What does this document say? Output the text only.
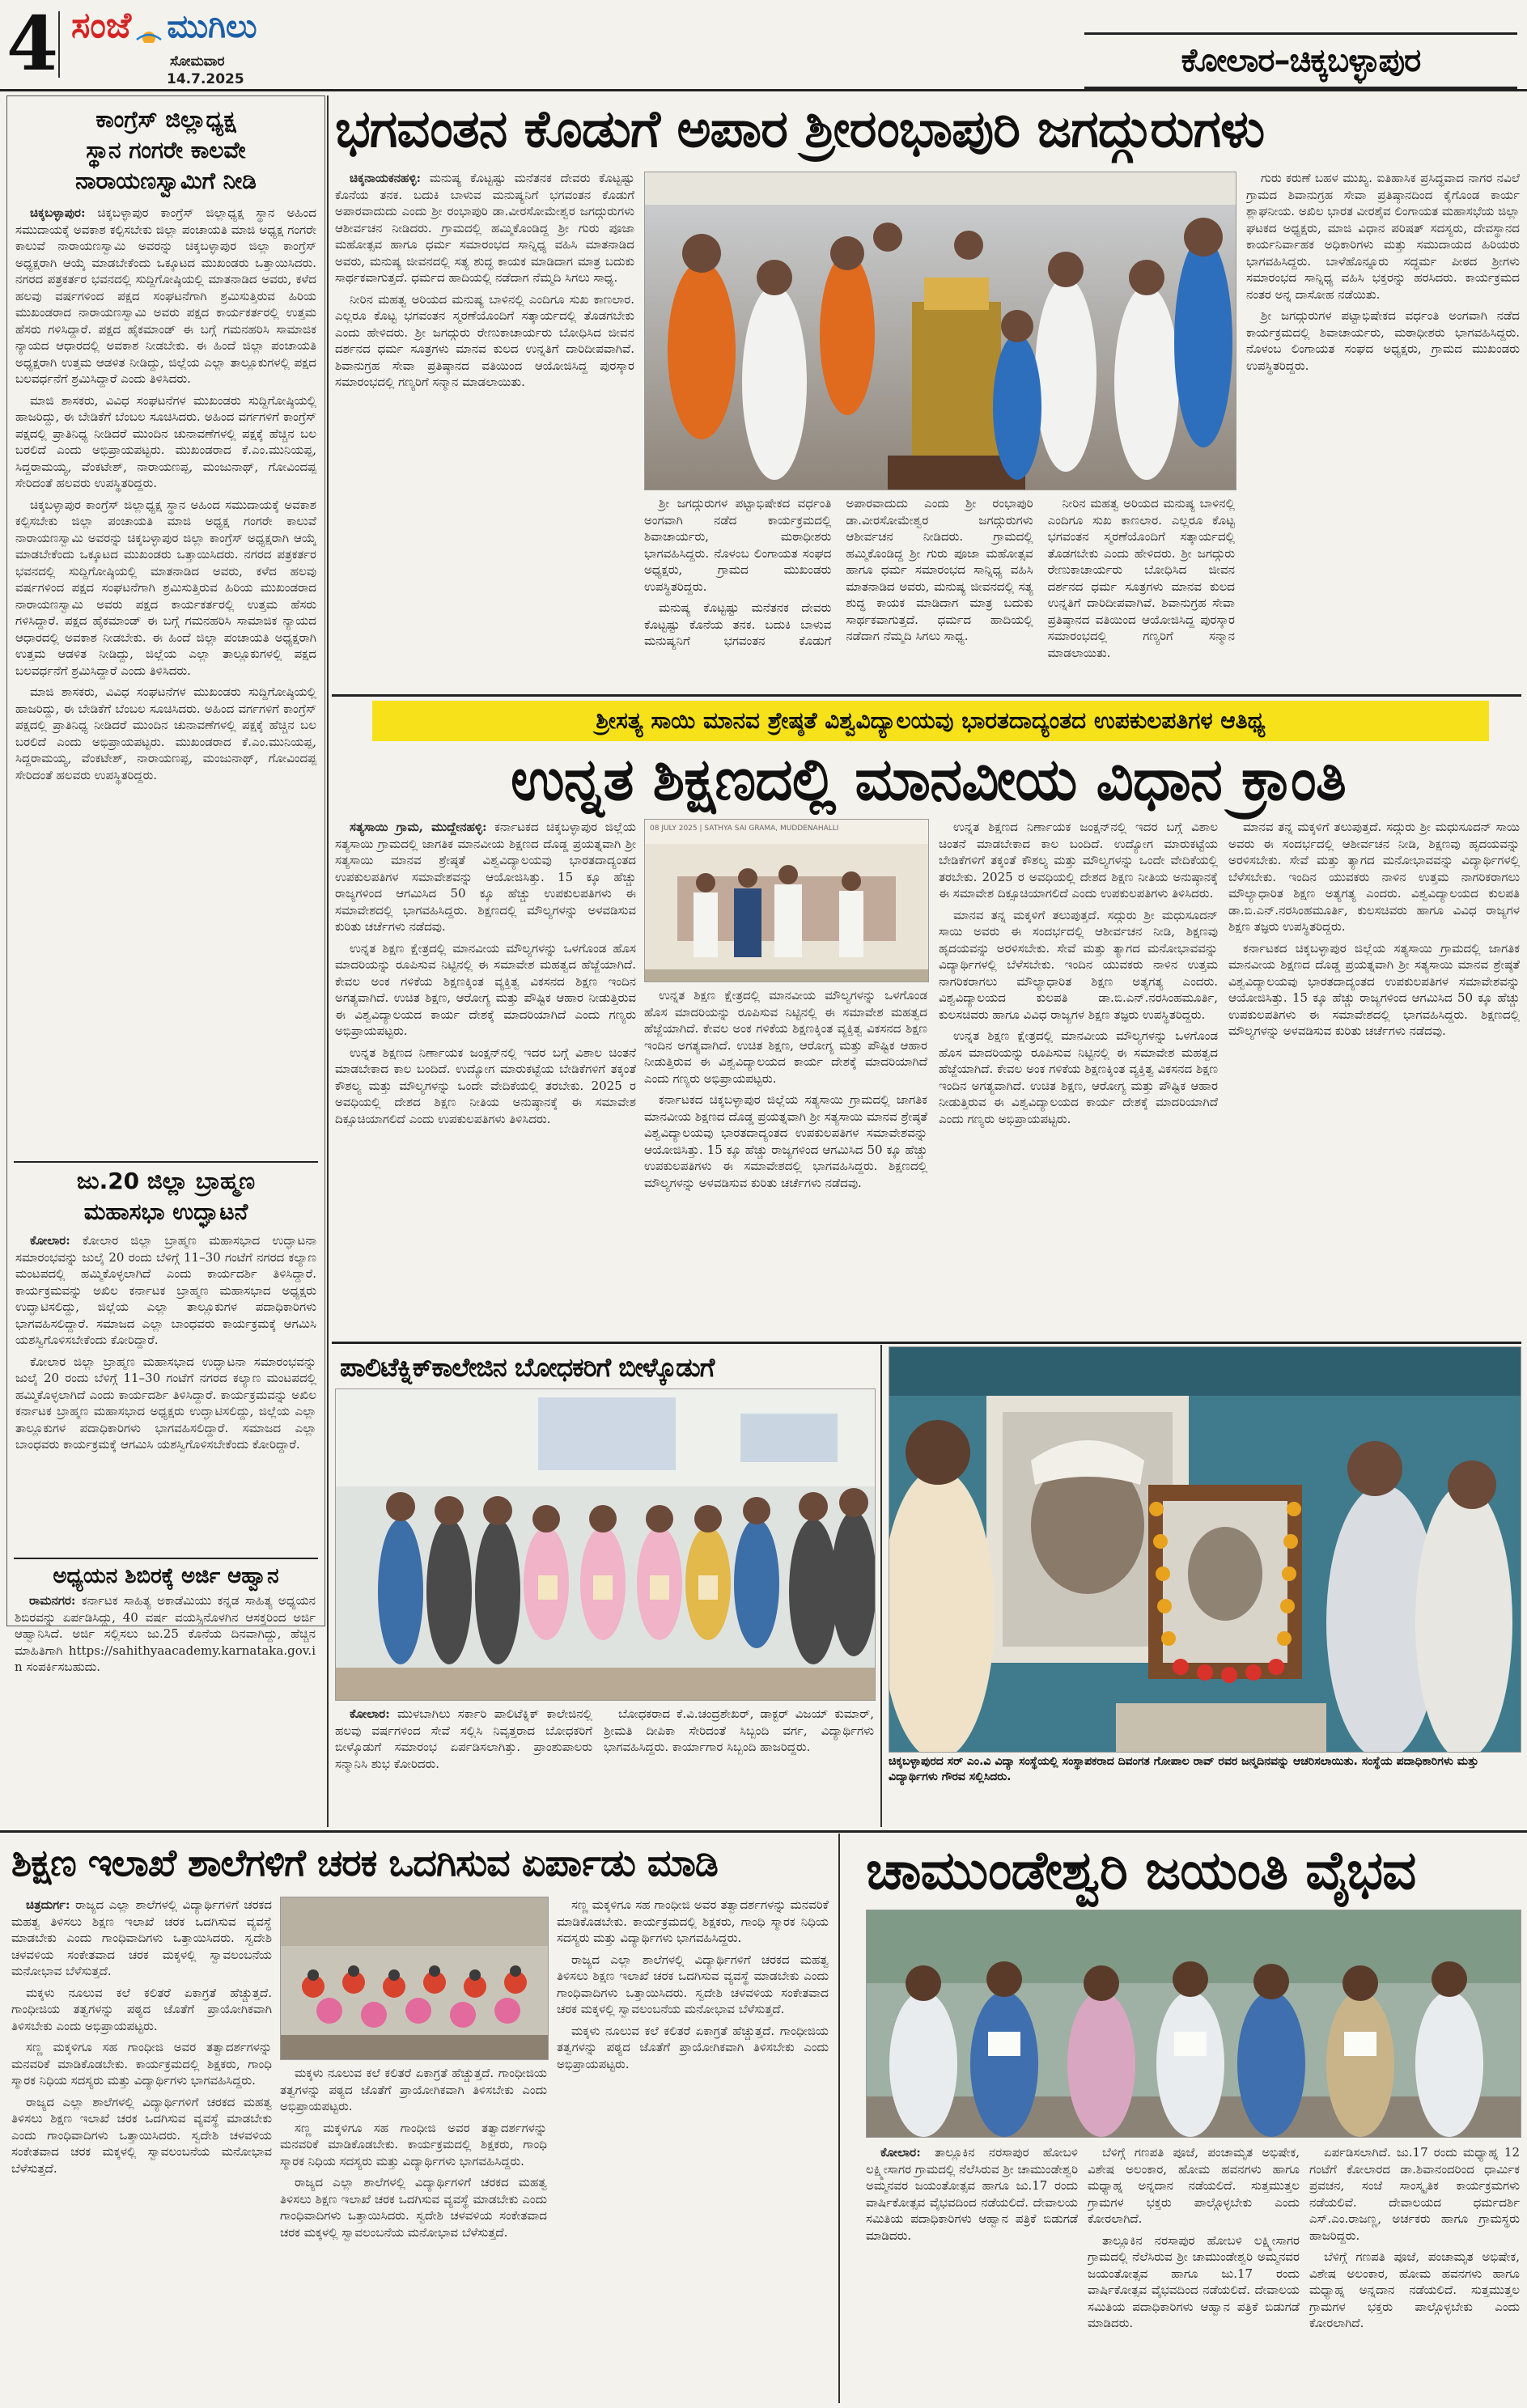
4 ಸಂಜೆ ಮುಗಿಲು
ಸೋಮವಾರ
14.7.2025	ಕೋಲಾರ–ಚಿಕ್ಕಬಳ್ಳಾಪುರ
ಕಾಂಗ್ರೆಸ್ ಜಿಲ್ಲಾಧ್ಯಕ್ಷ
ಸ್ಥಾನ ಗಂಗರೇ ಕಾಲವೇ
ನಾರಾಯಣಸ್ವಾಮಿಗೆ ನೀಡಿ

ಚಿಕ್ಕಬಳ್ಳಾಪುರ: ಚಿಕ್ಕಬಳ್ಳಾಪುರ ಕಾಂಗ್ರೆಸ್ ಜಿಲ್ಲಾಧ್ಯಕ್ಷ ಸ್ಥಾನ ಅಹಿಂದ ಸಮುದಾಯಕ್ಕೆ ಅವಕಾಶ ಕಲ್ಪಿಸಬೇಕು ಜಿಲ್ಲಾ ಪಂಚಾಯತಿ ಮಾಜಿ ಅಧ್ಯಕ್ಷ ಗಂಗರೇ ಕಾಲುವೆ ನಾರಾಯಣಸ್ವಾಮಿ ಅವರನ್ನು ಚಿಕ್ಕಬಳ್ಳಾಪುರ ಜಿಲ್ಲಾ ಕಾಂಗ್ರೆಸ್ ಅಧ್ಯಕ್ಷರಾಗಿ ಆಯ್ಕೆ ಮಾಡಬೇಕೆಂದು ಒಕ್ಕೂಟದ ಮುಖಂಡರು ಒತ್ತಾಯಿಸಿದರು. ನಗರದ ಪತ್ರಕರ್ತರ ಭವನದಲ್ಲಿ ಸುದ್ದಿಗೋಷ್ಠಿಯಲ್ಲಿ ಮಾತನಾಡಿದ ಅವರು, ಕಳೆದ ಹಲವು ವರ್ಷಗಳಿಂದ ಪಕ್ಷದ ಸಂಘಟನೆಗಾಗಿ ಶ್ರಮಿಸುತ್ತಿರುವ ಹಿರಿಯ ಮುಖಂಡರಾದ ನಾರಾಯಣಸ್ವಾಮಿ ಅವರು ಪಕ್ಷದ ಕಾರ್ಯಕರ್ತರಲ್ಲಿ ಉತ್ತಮ ಹೆಸರು ಗಳಿಸಿದ್ದಾರೆ. ಪಕ್ಷದ ಹೈಕಮಾಂಡ್ ಈ ಬಗ್ಗೆ ಗಮನಹರಿಸಿ ಸಾಮಾಜಿಕ ನ್ಯಾಯದ ಆಧಾರದಲ್ಲಿ ಅವಕಾಶ ನೀಡಬೇಕು. ಈ ಹಿಂದೆ ಜಿಲ್ಲಾ ಪಂಚಾಯತಿ ಅಧ್ಯಕ್ಷರಾಗಿ ಉತ್ತಮ ಆಡಳಿತ ನೀಡಿದ್ದು, ಜಿಲ್ಲೆಯ ಎಲ್ಲಾ ತಾಲ್ಲೂಕುಗಳಲ್ಲಿ ಪಕ್ಷದ ಬಲವರ್ಧನೆಗೆ ಶ್ರಮಿಸಿದ್ದಾರೆ ಎಂದು ತಿಳಿಸಿದರು.

ಮಾಜಿ ಶಾಸಕರು, ವಿವಿಧ ಸಂಘಟನೆಗಳ ಮುಖಂಡರು ಸುದ್ದಿಗೋಷ್ಠಿಯಲ್ಲಿ ಹಾಜರಿದ್ದು, ಈ ಬೇಡಿಕೆಗೆ ಬೆಂಬಲ ಸೂಚಿಸಿದರು. ಅಹಿಂದ ವರ್ಗಗಳಿಗೆ ಕಾಂಗ್ರೆಸ್ ಪಕ್ಷದಲ್ಲಿ ಪ್ರಾತಿನಿಧ್ಯ ನೀಡಿದರೆ ಮುಂದಿನ ಚುನಾವಣೆಗಳಲ್ಲಿ ಪಕ್ಷಕ್ಕೆ ಹೆಚ್ಚಿನ ಬಲ ಬರಲಿದೆ ಎಂದು ಅಭಿಪ್ರಾಯಪಟ್ಟರು. ಮುಖಂಡರಾದ ಕೆ.ಎಂ.ಮುನಿಯಪ್ಪ, ಸಿದ್ದರಾಮಯ್ಯ, ವೆಂಕಟೇಶ್, ನಾರಾಯಣಪ್ಪ, ಮಂಜುನಾಥ್, ಗೋವಿಂದಪ್ಪ ಸೇರಿದಂತೆ ಹಲವರು ಉಪಸ್ಥಿತರಿದ್ದರು.

ಚಿಕ್ಕಬಳ್ಳಾಪುರ ಕಾಂಗ್ರೆಸ್ ಜಿಲ್ಲಾಧ್ಯಕ್ಷ ಸ್ಥಾನ ಅಹಿಂದ ಸಮುದಾಯಕ್ಕೆ ಅವಕಾಶ ಕಲ್ಪಿಸಬೇಕು ಜಿಲ್ಲಾ ಪಂಚಾಯತಿ ಮಾಜಿ ಅಧ್ಯಕ್ಷ ಗಂಗರೇ ಕಾಲುವೆ ನಾರಾಯಣಸ್ವಾಮಿ ಅವರನ್ನು ಚಿಕ್ಕಬಳ್ಳಾಪುರ ಜಿಲ್ಲಾ ಕಾಂಗ್ರೆಸ್ ಅಧ್ಯಕ್ಷರಾಗಿ ಆಯ್ಕೆ ಮಾಡಬೇಕೆಂದು ಒಕ್ಕೂಟದ ಮುಖಂಡರು ಒತ್ತಾಯಿಸಿದರು. ನಗರದ ಪತ್ರಕರ್ತರ ಭವನದಲ್ಲಿ ಸುದ್ದಿಗೋಷ್ಠಿಯಲ್ಲಿ ಮಾತನಾಡಿದ ಅವರು, ಕಳೆದ ಹಲವು ವರ್ಷಗಳಿಂದ ಪಕ್ಷದ ಸಂಘಟನೆಗಾಗಿ ಶ್ರಮಿಸುತ್ತಿರುವ ಹಿರಿಯ ಮುಖಂಡರಾದ ನಾರಾಯಣಸ್ವಾಮಿ ಅವರು ಪಕ್ಷದ ಕಾರ್ಯಕರ್ತರಲ್ಲಿ ಉತ್ತಮ ಹೆಸರು ಗಳಿಸಿದ್ದಾರೆ. ಪಕ್ಷದ ಹೈಕಮಾಂಡ್ ಈ ಬಗ್ಗೆ ಗಮನಹರಿಸಿ ಸಾಮಾಜಿಕ ನ್ಯಾಯದ ಆಧಾರದಲ್ಲಿ ಅವಕಾಶ ನೀಡಬೇಕು. ಈ ಹಿಂದೆ ಜಿಲ್ಲಾ ಪಂಚಾಯತಿ ಅಧ್ಯಕ್ಷರಾಗಿ ಉತ್ತಮ ಆಡಳಿತ ನೀಡಿದ್ದು, ಜಿಲ್ಲೆಯ ಎಲ್ಲಾ ತಾಲ್ಲೂಕುಗಳಲ್ಲಿ ಪಕ್ಷದ ಬಲವರ್ಧನೆಗೆ ಶ್ರಮಿಸಿದ್ದಾರೆ ಎಂದು ತಿಳಿಸಿದರು.

ಮಾಜಿ ಶಾಸಕರು, ವಿವಿಧ ಸಂಘಟನೆಗಳ ಮುಖಂಡರು ಸುದ್ದಿಗೋಷ್ಠಿಯಲ್ಲಿ ಹಾಜರಿದ್ದು, ಈ ಬೇಡಿಕೆಗೆ ಬೆಂಬಲ ಸೂಚಿಸಿದರು. ಅಹಿಂದ ವರ್ಗಗಳಿಗೆ ಕಾಂಗ್ರೆಸ್ ಪಕ್ಷದಲ್ಲಿ ಪ್ರಾತಿನಿಧ್ಯ ನೀಡಿದರೆ ಮುಂದಿನ ಚುನಾವಣೆಗಳಲ್ಲಿ ಪಕ್ಷಕ್ಕೆ ಹೆಚ್ಚಿನ ಬಲ ಬರಲಿದೆ ಎಂದು ಅಭಿಪ್ರಾಯಪಟ್ಟರು. ಮುಖಂಡರಾದ ಕೆ.ಎಂ.ಮುನಿಯಪ್ಪ, ಸಿದ್ದರಾಮಯ್ಯ, ವೆಂಕಟೇಶ್, ನಾರಾಯಣಪ್ಪ, ಮಂಜುನಾಥ್, ಗೋವಿಂದಪ್ಪ ಸೇರಿದಂತೆ ಹಲವರು ಉಪಸ್ಥಿತರಿದ್ದರು.

ಜು.20 ಜಿಲ್ಲಾ ಬ್ರಾಹ್ಮಣ
ಮಹಾಸಭಾ ಉದ್ಘಾಟನೆ

ಕೋಲಾರ: ಕೋಲಾರ ಜಿಲ್ಲಾ ಬ್ರಾಹ್ಮಣ ಮಹಾಸಭಾದ ಉದ್ಘಾಟನಾ ಸಮಾರಂಭವನ್ನು ಜುಲೈ 20 ರಂದು ಬೆಳಿಗ್ಗೆ 11–30 ಗಂಟೆಗೆ ನಗರದ ಕಲ್ಯಾಣ ಮಂಟಪದಲ್ಲಿ ಹಮ್ಮಿಕೊಳ್ಳಲಾಗಿದೆ ಎಂದು ಕಾರ್ಯದರ್ಶಿ ತಿಳಿಸಿದ್ದಾರೆ. ಕಾರ್ಯಕ್ರಮವನ್ನು ಅಖಿಲ ಕರ್ನಾಟಕ ಬ್ರಾಹ್ಮಣ ಮಹಾಸಭಾದ ಅಧ್ಯಕ್ಷರು ಉದ್ಘಾಟಿಸಲಿದ್ದು, ಜಿಲ್ಲೆಯ ಎಲ್ಲಾ ತಾಲ್ಲೂಕುಗಳ ಪದಾಧಿಕಾರಿಗಳು ಭಾಗವಹಿಸಲಿದ್ದಾರೆ. ಸಮಾಜದ ಎಲ್ಲಾ ಬಾಂಧವರು ಕಾರ್ಯಕ್ರಮಕ್ಕೆ ಆಗಮಿಸಿ ಯಶಸ್ವಿಗೊಳಿಸಬೇಕೆಂದು ಕೋರಿದ್ದಾರೆ.

ಕೋಲಾರ ಜಿಲ್ಲಾ ಬ್ರಾಹ್ಮಣ ಮಹಾಸಭಾದ ಉದ್ಘಾಟನಾ ಸಮಾರಂಭವನ್ನು ಜುಲೈ 20 ರಂದು ಬೆಳಿಗ್ಗೆ 11–30 ಗಂಟೆಗೆ ನಗರದ ಕಲ್ಯಾಣ ಮಂಟಪದಲ್ಲಿ ಹಮ್ಮಿಕೊಳ್ಳಲಾಗಿದೆ ಎಂದು ಕಾರ್ಯದರ್ಶಿ ತಿಳಿಸಿದ್ದಾರೆ. ಕಾರ್ಯಕ್ರಮವನ್ನು ಅಖಿಲ ಕರ್ನಾಟಕ ಬ್ರಾಹ್ಮಣ ಮಹಾಸಭಾದ ಅಧ್ಯಕ್ಷರು ಉದ್ಘಾಟಿಸಲಿದ್ದು, ಜಿಲ್ಲೆಯ ಎಲ್ಲಾ ತಾಲ್ಲೂಕುಗಳ ಪದಾಧಿಕಾರಿಗಳು ಭಾಗವಹಿಸಲಿದ್ದಾರೆ. ಸಮಾಜದ ಎಲ್ಲಾ ಬಾಂಧವರು ಕಾರ್ಯಕ್ರಮಕ್ಕೆ ಆಗಮಿಸಿ ಯಶಸ್ವಿಗೊಳಿಸಬೇಕೆಂದು ಕೋರಿದ್ದಾರೆ.

ಅಧ್ಯಯನ ಶಿಬಿರಕ್ಕೆ ಅರ್ಜಿ ಆಹ್ವಾನ

ರಾಮನಗರ: ಕರ್ನಾಟಕ ಸಾಹಿತ್ಯ ಅಕಾಡೆಮಿಯು ಕನ್ನಡ ಸಾಹಿತ್ಯ ಅಧ್ಯಯನ ಶಿಬಿರವನ್ನು ಏರ್ಪಡಿಸಿದ್ದು, 40 ವರ್ಷ ವಯಸ್ಸಿನೊಳಗಿನ ಆಸಕ್ತರಿಂದ ಅರ್ಜಿ ಆಹ್ವಾನಿಸಿದೆ. ಅರ್ಜಿ ಸಲ್ಲಿಸಲು ಜು.25 ಕೊನೆಯ ದಿನವಾಗಿದ್ದು, ಹೆಚ್ಚಿನ ಮಾಹಿತಿಗಾಗಿ https://sahithyaacademy.karnataka.gov.in ಸಂಪರ್ಕಿಸಬಹುದು.

ಭಗವಂತನ ಕೊಡುಗೆ ಅಪಾರ ಶ್ರೀರಂಭಾಪುರಿ ಜಗದ್ಗುರುಗಳು

ಚಿಕ್ಕನಾಯಕನಹಳ್ಳಿ: ಮನುಷ್ಯ ಕೊಟ್ಟಷ್ಟು ಮನೆತನಕ ದೇವರು ಕೊಟ್ಟಷ್ಟು ಕೊನೆಯ ತನಕ. ಬದುಕಿ ಬಾಳುವ ಮನುಷ್ಯನಿಗೆ ಭಗವಂತನ ಕೊಡುಗೆ ಅಪಾರವಾದುದು ಎಂದು ಶ್ರೀ ರಂಭಾಪುರಿ ಡಾ.ವೀರಸೋಮೇಶ್ವರ ಜಗದ್ಗುರುಗಳು ಆಶೀರ್ವಚನ ನೀಡಿದರು. ಗ್ರಾಮದಲ್ಲಿ ಹಮ್ಮಿಕೊಂಡಿದ್ದ ಶ್ರೀ ಗುರು ಪೂಜಾ ಮಹೋತ್ಸವ ಹಾಗೂ ಧರ್ಮ ಸಮಾರಂಭದ ಸಾನ್ನಿಧ್ಯ ವಹಿಸಿ ಮಾತನಾಡಿದ ಅವರು, ಮನುಷ್ಯ ಜೀವನದಲ್ಲಿ ಸತ್ಯ ಶುದ್ಧ ಕಾಯಕ ಮಾಡಿದಾಗ ಮಾತ್ರ ಬದುಕು ಸಾರ್ಥಕವಾಗುತ್ತದೆ. ಧರ್ಮದ ಹಾದಿಯಲ್ಲಿ ನಡೆದಾಗ ನೆಮ್ಮದಿ ಸಿಗಲು ಸಾಧ್ಯ.

ನೀರಿನ ಮಹತ್ವ ಅರಿಯದ ಮನುಷ್ಯ ಬಾಳಿನಲ್ಲಿ ಎಂದಿಗೂ ಸುಖ ಕಾಣಲಾರ. ಎಲ್ಲರೂ ಕೊಟ್ಟ ಭಗವಂತನ ಸ್ಮರಣೆಯೊಂದಿಗೆ ಸತ್ಕಾರ್ಯದಲ್ಲಿ ತೊಡಗಬೇಕು ಎಂದು ಹೇಳಿದರು. ಶ್ರೀ ಜಗದ್ಗುರು ರೇಣುಕಾಚಾರ್ಯರು ಬೋಧಿಸಿದ ಜೀವನ ದರ್ಶನದ ಧರ್ಮ ಸೂತ್ರಗಳು ಮಾನವ ಕುಲದ ಉನ್ನತಿಗೆ ದಾರಿದೀಪವಾಗಿವೆ. ಶಿವಾನುಗ್ರಹ ಸೇವಾ ಪ್ರತಿಷ್ಠಾನದ ವತಿಯಿಂದ ಆಯೋಜಿಸಿದ್ದ ಪುರಸ್ಕಾರ ಸಮಾರಂಭದಲ್ಲಿ ಗಣ್ಯರಿಗೆ ಸನ್ಮಾನ ಮಾಡಲಾಯಿತು.

ಶ್ರೀ ಜಗದ್ಗುರುಗಳ ಪಟ್ಟಾಭಿಷೇಕದ ವರ್ಧಂತಿ ಅಂಗವಾಗಿ ನಡೆದ ಕಾರ್ಯಕ್ರಮದಲ್ಲಿ ಶಿವಾಚಾರ್ಯರು, ಮಠಾಧೀಶರು ಭಾಗವಹಿಸಿದ್ದರು. ನೊಳಂಬ ಲಿಂಗಾಯತ ಸಂಘದ ಅಧ್ಯಕ್ಷರು, ಗ್ರಾಮದ ಮುಖಂಡರು ಉಪಸ್ಥಿತರಿದ್ದರು.

ಮನುಷ್ಯ ಕೊಟ್ಟಷ್ಟು ಮನೆತನಕ ದೇವರು ಕೊಟ್ಟಷ್ಟು ಕೊನೆಯ ತನಕ. ಬದುಕಿ ಬಾಳುವ ಮನುಷ್ಯನಿಗೆ ಭಗವಂತನ ಕೊಡುಗೆ ಅಪಾರವಾದುದು ಎಂದು ಶ್ರೀ ರಂಭಾಪುರಿ ಡಾ.ವೀರಸೋಮೇಶ್ವರ ಜಗದ್ಗುರುಗಳು ಆಶೀರ್ವಚನ ನೀಡಿದರು. ಗ್ರಾಮದಲ್ಲಿ ಹಮ್ಮಿಕೊಂಡಿದ್ದ ಶ್ರೀ ಗುರು ಪೂಜಾ ಮಹೋತ್ಸವ ಹಾಗೂ ಧರ್ಮ ಸಮಾರಂಭದ ಸಾನ್ನಿಧ್ಯ ವಹಿಸಿ ಮಾತನಾಡಿದ ಅವರು, ಮನುಷ್ಯ ಜೀವನದಲ್ಲಿ ಸತ್ಯ ಶುದ್ಧ ಕಾಯಕ ಮಾಡಿದಾಗ ಮಾತ್ರ ಬದುಕು ಸಾರ್ಥಕವಾಗುತ್ತದೆ. ಧರ್ಮದ ಹಾದಿಯಲ್ಲಿ ನಡೆದಾಗ ನೆಮ್ಮದಿ ಸಿಗಲು ಸಾಧ್ಯ.

ನೀರಿನ ಮಹತ್ವ ಅರಿಯದ ಮನುಷ್ಯ ಬಾಳಿನಲ್ಲಿ ಎಂದಿಗೂ ಸುಖ ಕಾಣಲಾರ. ಎಲ್ಲರೂ ಕೊಟ್ಟ ಭಗವಂತನ ಸ್ಮರಣೆಯೊಂದಿಗೆ ಸತ್ಕಾರ್ಯದಲ್ಲಿ ತೊಡಗಬೇಕು ಎಂದು ಹೇಳಿದರು. ಶ್ರೀ ಜಗದ್ಗುರು ರೇಣುಕಾಚಾರ್ಯರು ಬೋಧಿಸಿದ ಜೀವನ ದರ್ಶನದ ಧರ್ಮ ಸೂತ್ರಗಳು ಮಾನವ ಕುಲದ ಉನ್ನತಿಗೆ ದಾರಿದೀಪವಾಗಿವೆ. ಶಿವಾನುಗ್ರಹ ಸೇವಾ ಪ್ರತಿಷ್ಠಾನದ ವತಿಯಿಂದ ಆಯೋಜಿಸಿದ್ದ ಪುರಸ್ಕಾರ ಸಮಾರಂಭದಲ್ಲಿ ಗಣ್ಯರಿಗೆ ಸನ್ಮಾನ ಮಾಡಲಾಯಿತು.

ಗುರು ಕರುಣೆ ಬಹಳ ಮುಖ್ಯ. ಐತಿಹಾಸಿಕ ಪ್ರಸಿದ್ಧವಾದ ನಾಗರ ನವಿಲೆ ಗ್ರಾಮದ ಶಿವಾನುಗ್ರಹ ಸೇವಾ ಪ್ರತಿಷ್ಠಾನದಿಂದ ಕೈಗೊಂಡ ಕಾರ್ಯ ಶ್ಲಾಘನೀಯ. ಅಖಿಲ ಭಾರತ ವೀರಶೈವ ಲಿಂಗಾಯತ ಮಹಾಸಭೆಯ ಜಿಲ್ಲಾ ಘಟಕದ ಅಧ್ಯಕ್ಷರು, ಮಾಜಿ ವಿಧಾನ ಪರಿಷತ್ ಸದಸ್ಯರು, ದೇವಸ್ಥಾನದ ಕಾರ್ಯನಿರ್ವಾಹಕ ಅಧಿಕಾರಿಗಳು ಮತ್ತು ಸಮುದಾಯದ ಹಿರಿಯರು ಭಾಗವಹಿಸಿದ್ದರು. ಬಾಳೆಹೊನ್ನೂರು ಸದ್ಧರ್ಮ ಪೀಠದ ಶ್ರೀಗಳು ಸಮಾರಂಭದ ಸಾನ್ನಿಧ್ಯ ವಹಿಸಿ ಭಕ್ತರನ್ನು ಹರಸಿದರು. ಕಾರ್ಯಕ್ರಮದ ನಂತರ ಅನ್ನ ದಾಸೋಹ ನಡೆಯಿತು.

ಶ್ರೀ ಜಗದ್ಗುರುಗಳ ಪಟ್ಟಾಭಿಷೇಕದ ವರ್ಧಂತಿ ಅಂಗವಾಗಿ ನಡೆದ ಕಾರ್ಯಕ್ರಮದಲ್ಲಿ ಶಿವಾಚಾರ್ಯರು, ಮಠಾಧೀಶರು ಭಾಗವಹಿಸಿದ್ದರು. ನೊಳಂಬ ಲಿಂಗಾಯತ ಸಂಘದ ಅಧ್ಯಕ್ಷರು, ಗ್ರಾಮದ ಮುಖಂಡರು ಉಪಸ್ಥಿತರಿದ್ದರು.

ಶ್ರೀಸತ್ಯ ಸಾಯಿ ಮಾನವ ಶ್ರೇಷ್ಠತೆ ವಿಶ್ವವಿದ್ಯಾಲಯವು ಭಾರತದಾದ್ಯಂತದ ಉಪಕುಲಪತಿಗಳ ಆತಿಥ್ಯ
ಉನ್ನತ ಶಿಕ್ಷಣದಲ್ಲಿ ಮಾನವೀಯ ವಿಧಾನ ಕ್ರಾಂತಿ

ಸತ್ಯಸಾಯಿ ಗ್ರಾಮ, ಮುದ್ದೇನಹಳ್ಳಿ: ಕರ್ನಾಟಕದ ಚಿಕ್ಕಬಳ್ಳಾಪುರ ಜಿಲ್ಲೆಯ ಸತ್ಯಸಾಯಿ ಗ್ರಾಮದಲ್ಲಿ ಜಾಗತಿಕ ಮಾನವೀಯ ಶಿಕ್ಷಣದ ದೊಡ್ಡ ಪ್ರಯತ್ನವಾಗಿ ಶ್ರೀ ಸತ್ಯಸಾಯಿ ಮಾನವ ಶ್ರೇಷ್ಠತೆ ವಿಶ್ವವಿದ್ಯಾಲಯವು ಭಾರತದಾದ್ಯಂತದ ಉಪಕುಲಪತಿಗಳ ಸಮಾವೇಶವನ್ನು ಆಯೋಜಿಸಿತ್ತು. 15 ಕ್ಕೂ ಹೆಚ್ಚು ರಾಜ್ಯಗಳಿಂದ ಆಗಮಿಸಿದ 50 ಕ್ಕೂ ಹೆಚ್ಚು ಉಪಕುಲಪತಿಗಳು ಈ ಸಮಾವೇಶದಲ್ಲಿ ಭಾಗವಹಿಸಿದ್ದರು. ಶಿಕ್ಷಣದಲ್ಲಿ ಮೌಲ್ಯಗಳನ್ನು ಅಳವಡಿಸುವ ಕುರಿತು ಚರ್ಚೆಗಳು ನಡೆದವು.

ಉನ್ನತ ಶಿಕ್ಷಣ ಕ್ಷೇತ್ರದಲ್ಲಿ ಮಾನವೀಯ ಮೌಲ್ಯಗಳನ್ನು ಒಳಗೊಂಡ ಹೊಸ ಮಾದರಿಯನ್ನು ರೂಪಿಸುವ ನಿಟ್ಟಿನಲ್ಲಿ ಈ ಸಮಾವೇಶ ಮಹತ್ವದ ಹೆಜ್ಜೆಯಾಗಿದೆ. ಕೇವಲ ಅಂಕ ಗಳಿಕೆಯ ಶಿಕ್ಷಣಕ್ಕಿಂತ ವ್ಯಕ್ತಿತ್ವ ವಿಕಸನದ ಶಿಕ್ಷಣ ಇಂದಿನ ಅಗತ್ಯವಾಗಿದೆ. ಉಚಿತ ಶಿಕ್ಷಣ, ಆರೋಗ್ಯ ಮತ್ತು ಪೌಷ್ಟಿಕ ಆಹಾರ ನೀಡುತ್ತಿರುವ ಈ ವಿಶ್ವವಿದ್ಯಾಲಯದ ಕಾರ್ಯ ದೇಶಕ್ಕೆ ಮಾದರಿಯಾಗಿದೆ ಎಂದು ಗಣ್ಯರು ಅಭಿಪ್ರಾಯಪಟ್ಟರು.

ಉನ್ನತ ಶಿಕ್ಷಣದ ನಿರ್ಣಾಯಕ ಜಂಕ್ಷನ್‌ನಲ್ಲಿ ಇದರ ಬಗ್ಗೆ ವಿಶಾಲ ಚಿಂತನೆ ಮಾಡಬೇಕಾದ ಕಾಲ ಬಂದಿದೆ. ಉದ್ಯೋಗ ಮಾರುಕಟ್ಟೆಯ ಬೇಡಿಕೆಗಳಿಗೆ ತಕ್ಕಂತೆ ಕೌಶಲ್ಯ ಮತ್ತು ಮೌಲ್ಯಗಳನ್ನು ಒಂದೇ ವೇದಿಕೆಯಲ್ಲಿ ತರಬೇಕು. 2025 ರ ಅವಧಿಯಲ್ಲಿ ದೇಶದ ಶಿಕ್ಷಣ ನೀತಿಯ ಅನುಷ್ಠಾನಕ್ಕೆ ಈ ಸಮಾವೇಶ ದಿಕ್ಸೂಚಿಯಾಗಲಿದೆ ಎಂದು ಉಪಕುಲಪತಿಗಳು ತಿಳಿಸಿದರು.

08 JULY 2025 | SATHYA SAI GRAMA, MUDDENAHALLI

ಉನ್ನತ ಶಿಕ್ಷಣ ಕ್ಷೇತ್ರದಲ್ಲಿ ಮಾನವೀಯ ಮೌಲ್ಯಗಳನ್ನು ಒಳಗೊಂಡ ಹೊಸ ಮಾದರಿಯನ್ನು ರೂಪಿಸುವ ನಿಟ್ಟಿನಲ್ಲಿ ಈ ಸಮಾವೇಶ ಮಹತ್ವದ ಹೆಜ್ಜೆಯಾಗಿದೆ. ಕೇವಲ ಅಂಕ ಗಳಿಕೆಯ ಶಿಕ್ಷಣಕ್ಕಿಂತ ವ್ಯಕ್ತಿತ್ವ ವಿಕಸನದ ಶಿಕ್ಷಣ ಇಂದಿನ ಅಗತ್ಯವಾಗಿದೆ. ಉಚಿತ ಶಿಕ್ಷಣ, ಆರೋಗ್ಯ ಮತ್ತು ಪೌಷ್ಟಿಕ ಆಹಾರ ನೀಡುತ್ತಿರುವ ಈ ವಿಶ್ವವಿದ್ಯಾಲಯದ ಕಾರ್ಯ ದೇಶಕ್ಕೆ ಮಾದರಿಯಾಗಿದೆ ಎಂದು ಗಣ್ಯರು ಅಭಿಪ್ರಾಯಪಟ್ಟರು.

ಕರ್ನಾಟಕದ ಚಿಕ್ಕಬಳ್ಳಾಪುರ ಜಿಲ್ಲೆಯ ಸತ್ಯಸಾಯಿ ಗ್ರಾಮದಲ್ಲಿ ಜಾಗತಿಕ ಮಾನವೀಯ ಶಿಕ್ಷಣದ ದೊಡ್ಡ ಪ್ರಯತ್ನವಾಗಿ ಶ್ರೀ ಸತ್ಯಸಾಯಿ ಮಾನವ ಶ್ರೇಷ್ಠತೆ ವಿಶ್ವವಿದ್ಯಾಲಯವು ಭಾರತದಾದ್ಯಂತದ ಉಪಕುಲಪತಿಗಳ ಸಮಾವೇಶವನ್ನು ಆಯೋಜಿಸಿತ್ತು. 15 ಕ್ಕೂ ಹೆಚ್ಚು ರಾಜ್ಯಗಳಿಂದ ಆಗಮಿಸಿದ 50 ಕ್ಕೂ ಹೆಚ್ಚು ಉಪಕುಲಪತಿಗಳು ಈ ಸಮಾವೇಶದಲ್ಲಿ ಭಾಗವಹಿಸಿದ್ದರು. ಶಿಕ್ಷಣದಲ್ಲಿ ಮೌಲ್ಯಗಳನ್ನು ಅಳವಡಿಸುವ ಕುರಿತು ಚರ್ಚೆಗಳು ನಡೆದವು.

ಉನ್ನತ ಶಿಕ್ಷಣದ ನಿರ್ಣಾಯಕ ಜಂಕ್ಷನ್‌ನಲ್ಲಿ ಇದರ ಬಗ್ಗೆ ವಿಶಾಲ ಚಿಂತನೆ ಮಾಡಬೇಕಾದ ಕಾಲ ಬಂದಿದೆ. ಉದ್ಯೋಗ ಮಾರುಕಟ್ಟೆಯ ಬೇಡಿಕೆಗಳಿಗೆ ತಕ್ಕಂತೆ ಕೌಶಲ್ಯ ಮತ್ತು ಮೌಲ್ಯಗಳನ್ನು ಒಂದೇ ವೇದಿಕೆಯಲ್ಲಿ ತರಬೇಕು. 2025 ರ ಅವಧಿಯಲ್ಲಿ ದೇಶದ ಶಿಕ್ಷಣ ನೀತಿಯ ಅನುಷ್ಠಾನಕ್ಕೆ ಈ ಸಮಾವೇಶ ದಿಕ್ಸೂಚಿಯಾಗಲಿದೆ ಎಂದು ಉಪಕುಲಪತಿಗಳು ತಿಳಿಸಿದರು.

ಮಾನವ ತನ್ನ ಮಕ್ಕಳಿಗೆ ತಲುಪುತ್ತದೆ. ಸದ್ಗುರು ಶ್ರೀ ಮಧುಸೂದನ್ ಸಾಯಿ ಅವರು ಈ ಸಂದರ್ಭದಲ್ಲಿ ಆಶೀರ್ವಚನ ನೀಡಿ, ಶಿಕ್ಷಣವು ಹೃದಯವನ್ನು ಅರಳಿಸಬೇಕು. ಸೇವೆ ಮತ್ತು ತ್ಯಾಗದ ಮನೋಭಾವವನ್ನು ವಿದ್ಯಾರ್ಥಿಗಳಲ್ಲಿ ಬೆಳೆಸಬೇಕು. ಇಂದಿನ ಯುವಕರು ನಾಳಿನ ಉತ್ತಮ ನಾಗರಿಕರಾಗಲು ಮೌಲ್ಯಾಧಾರಿತ ಶಿಕ್ಷಣ ಅತ್ಯಗತ್ಯ ಎಂದರು. ವಿಶ್ವವಿದ್ಯಾಲಯದ ಕುಲಪತಿ ಡಾ.ಬಿ.ಎನ್.ನರಸಿಂಹಮೂರ್ತಿ, ಕುಲಸಚಿವರು ಹಾಗೂ ವಿವಿಧ ರಾಜ್ಯಗಳ ಶಿಕ್ಷಣ ತಜ್ಞರು ಉಪಸ್ಥಿತರಿದ್ದರು.

ಉನ್ನತ ಶಿಕ್ಷಣ ಕ್ಷೇತ್ರದಲ್ಲಿ ಮಾನವೀಯ ಮೌಲ್ಯಗಳನ್ನು ಒಳಗೊಂಡ ಹೊಸ ಮಾದರಿಯನ್ನು ರೂಪಿಸುವ ನಿಟ್ಟಿನಲ್ಲಿ ಈ ಸಮಾವೇಶ ಮಹತ್ವದ ಹೆಜ್ಜೆಯಾಗಿದೆ. ಕೇವಲ ಅಂಕ ಗಳಿಕೆಯ ಶಿಕ್ಷಣಕ್ಕಿಂತ ವ್ಯಕ್ತಿತ್ವ ವಿಕಸನದ ಶಿಕ್ಷಣ ಇಂದಿನ ಅಗತ್ಯವಾಗಿದೆ. ಉಚಿತ ಶಿಕ್ಷಣ, ಆರೋಗ್ಯ ಮತ್ತು ಪೌಷ್ಟಿಕ ಆಹಾರ ನೀಡುತ್ತಿರುವ ಈ ವಿಶ್ವವಿದ್ಯಾಲಯದ ಕಾರ್ಯ ದೇಶಕ್ಕೆ ಮಾದರಿಯಾಗಿದೆ ಎಂದು ಗಣ್ಯರು ಅಭಿಪ್ರಾಯಪಟ್ಟರು.

ಮಾನವ ತನ್ನ ಮಕ್ಕಳಿಗೆ ತಲುಪುತ್ತದೆ. ಸದ್ಗುರು ಶ್ರೀ ಮಧುಸೂದನ್ ಸಾಯಿ ಅವರು ಈ ಸಂದರ್ಭದಲ್ಲಿ ಆಶೀರ್ವಚನ ನೀಡಿ, ಶಿಕ್ಷಣವು ಹೃದಯವನ್ನು ಅರಳಿಸಬೇಕು. ಸೇವೆ ಮತ್ತು ತ್ಯಾಗದ ಮನೋಭಾವವನ್ನು ವಿದ್ಯಾರ್ಥಿಗಳಲ್ಲಿ ಬೆಳೆಸಬೇಕು. ಇಂದಿನ ಯುವಕರು ನಾಳಿನ ಉತ್ತಮ ನಾಗರಿಕರಾಗಲು ಮೌಲ್ಯಾಧಾರಿತ ಶಿಕ್ಷಣ ಅತ್ಯಗತ್ಯ ಎಂದರು. ವಿಶ್ವವಿದ್ಯಾಲಯದ ಕುಲಪತಿ ಡಾ.ಬಿ.ಎನ್.ನರಸಿಂಹಮೂರ್ತಿ, ಕುಲಸಚಿವರು ಹಾಗೂ ವಿವಿಧ ರಾಜ್ಯಗಳ ಶಿಕ್ಷಣ ತಜ್ಞರು ಉಪಸ್ಥಿತರಿದ್ದರು.

ಕರ್ನಾಟಕದ ಚಿಕ್ಕಬಳ್ಳಾಪುರ ಜಿಲ್ಲೆಯ ಸತ್ಯಸಾಯಿ ಗ್ರಾಮದಲ್ಲಿ ಜಾಗತಿಕ ಮಾನವೀಯ ಶಿಕ್ಷಣದ ದೊಡ್ಡ ಪ್ರಯತ್ನವಾಗಿ ಶ್ರೀ ಸತ್ಯಸಾಯಿ ಮಾನವ ಶ್ರೇಷ್ಠತೆ ವಿಶ್ವವಿದ್ಯಾಲಯವು ಭಾರತದಾದ್ಯಂತದ ಉಪಕುಲಪತಿಗಳ ಸಮಾವೇಶವನ್ನು ಆಯೋಜಿಸಿತ್ತು. 15 ಕ್ಕೂ ಹೆಚ್ಚು ರಾಜ್ಯಗಳಿಂದ ಆಗಮಿಸಿದ 50 ಕ್ಕೂ ಹೆಚ್ಚು ಉಪಕುಲಪತಿಗಳು ಈ ಸಮಾವೇಶದಲ್ಲಿ ಭಾಗವಹಿಸಿದ್ದರು. ಶಿಕ್ಷಣದಲ್ಲಿ ಮೌಲ್ಯಗಳನ್ನು ಅಳವಡಿಸುವ ಕುರಿತು ಚರ್ಚೆಗಳು ನಡೆದವು.

ಪಾಲಿಟೆಕ್ನಿಕ್‌ಕಾಲೇಜಿನ ಬೋಧಕರಿಗೆ ಬೀಳ್ಕೊಡುಗೆ

ಕೋಲಾರ: ಮುಳಬಾಗಿಲು ಸರ್ಕಾರಿ ಪಾಲಿಟೆಕ್ನಿಕ್ ಕಾಲೇಜಿನಲ್ಲಿ ಹಲವು ವರ್ಷಗಳಿಂದ ಸೇವೆ ಸಲ್ಲಿಸಿ ನಿವೃತ್ತರಾದ ಬೋಧಕರಿಗೆ ಬೀಳ್ಕೊಡುಗೆ ಸಮಾರಂಭ ಏರ್ಪಡಿಸಲಾಗಿತ್ತು. ಪ್ರಾಂಶುಪಾಲರು ಸನ್ಮಾನಿಸಿ ಶುಭ ಕೋರಿದರು.

ಬೋಧಕರಾದ ಕೆ.ವಿ.ಚಂದ್ರಶೇಖರ್, ಡಾಕ್ಟರ್ ವಿಜಯ್ ಕುಮಾರ್, ಶ್ರೀಮತಿ ದೀಪಿಕಾ ಸೇರಿದಂತೆ ಸಿಬ್ಬಂದಿ ವರ್ಗ, ವಿದ್ಯಾರ್ಥಿಗಳು ಭಾಗವಹಿಸಿದ್ದರು. ಕಾರ್ಯಾಗಾರ ಸಿಬ್ಬಂದಿ ಹಾಜರಿದ್ದರು.

ಚಿಕ್ಕಬಳ್ಳಾಪುರದ ಸರ್ ಎಂ.ವಿ ವಿದ್ಯಾ ಸಂಸ್ಥೆಯಲ್ಲಿ ಸಂಸ್ಥಾಪಕರಾದ ದಿವಂಗತ ಗೋಪಾಲ ರಾವ್ ರವರ ಜನ್ಮದಿನವನ್ನು ಆಚರಿಸಲಾಯಿತು. ಸಂಸ್ಥೆಯ ಪದಾಧಿಕಾರಿಗಳು ಮತ್ತು ವಿದ್ಯಾರ್ಥಿಗಳು ಗೌರವ ಸಲ್ಲಿಸಿದರು.
ಶಿಕ್ಷಣ ಇಲಾಖೆ ಶಾಲೆಗಳಿಗೆ ಚರಕ ಒದಗಿಸುವ ಏರ್ಪಾಡು ಮಾಡಿ

ಚಿತ್ರದುರ್ಗ: ರಾಜ್ಯದ ಎಲ್ಲಾ ಶಾಲೆಗಳಲ್ಲಿ ವಿದ್ಯಾರ್ಥಿಗಳಿಗೆ ಚರಕದ ಮಹತ್ವ ತಿಳಿಸಲು ಶಿಕ್ಷಣ ಇಲಾಖೆ ಚರಕ ಒದಗಿಸುವ ವ್ಯವಸ್ಥೆ ಮಾಡಬೇಕು ಎಂದು ಗಾಂಧಿವಾದಿಗಳು ಒತ್ತಾಯಿಸಿದರು. ಸ್ವದೇಶಿ ಚಳವಳಿಯ ಸಂಕೇತವಾದ ಚರಕ ಮಕ್ಕಳಲ್ಲಿ ಸ್ವಾವಲಂಬನೆಯ ಮನೋಭಾವ ಬೆಳೆಸುತ್ತದೆ.

ಮಕ್ಕಳು ನೂಲುವ ಕಲೆ ಕಲಿತರೆ ಏಕಾಗ್ರತೆ ಹೆಚ್ಚುತ್ತದೆ. ಗಾಂಧೀಜಿಯ ತತ್ವಗಳನ್ನು ಪಠ್ಯದ ಜೊತೆಗೆ ಪ್ರಾಯೋಗಿಕವಾಗಿ ತಿಳಿಸಬೇಕು ಎಂದು ಅಭಿಪ್ರಾಯಪಟ್ಟರು.

ಸಣ್ಣ ಮಕ್ಕಳಿಗೂ ಸಹ ಗಾಂಧೀಜಿ ಅವರ ತತ್ವಾದರ್ಶಗಳನ್ನು ಮನವರಿಕೆ ಮಾಡಿಕೊಡಬೇಕು. ಕಾರ್ಯಕ್ರಮದಲ್ಲಿ ಶಿಕ್ಷಕರು, ಗಾಂಧಿ ಸ್ಮಾರಕ ನಿಧಿಯ ಸದಸ್ಯರು ಮತ್ತು ವಿದ್ಯಾರ್ಥಿಗಳು ಭಾಗವಹಿಸಿದ್ದರು.

ರಾಜ್ಯದ ಎಲ್ಲಾ ಶಾಲೆಗಳಲ್ಲಿ ವಿದ್ಯಾರ್ಥಿಗಳಿಗೆ ಚರಕದ ಮಹತ್ವ ತಿಳಿಸಲು ಶಿಕ್ಷಣ ಇಲಾಖೆ ಚರಕ ಒದಗಿಸುವ ವ್ಯವಸ್ಥೆ ಮಾಡಬೇಕು ಎಂದು ಗಾಂಧಿವಾದಿಗಳು ಒತ್ತಾಯಿಸಿದರು. ಸ್ವದೇಶಿ ಚಳವಳಿಯ ಸಂಕೇತವಾದ ಚರಕ ಮಕ್ಕಳಲ್ಲಿ ಸ್ವಾವಲಂಬನೆಯ ಮನೋಭಾವ ಬೆಳೆಸುತ್ತದೆ.

ಮಕ್ಕಳು ನೂಲುವ ಕಲೆ ಕಲಿತರೆ ಏಕಾಗ್ರತೆ ಹೆಚ್ಚುತ್ತದೆ. ಗಾಂಧೀಜಿಯ ತತ್ವಗಳನ್ನು ಪಠ್ಯದ ಜೊತೆಗೆ ಪ್ರಾಯೋಗಿಕವಾಗಿ ತಿಳಿಸಬೇಕು ಎಂದು ಅಭಿಪ್ರಾಯಪಟ್ಟರು.

ಸಣ್ಣ ಮಕ್ಕಳಿಗೂ ಸಹ ಗಾಂಧೀಜಿ ಅವರ ತತ್ವಾದರ್ಶಗಳನ್ನು ಮನವರಿಕೆ ಮಾಡಿಕೊಡಬೇಕು. ಕಾರ್ಯಕ್ರಮದಲ್ಲಿ ಶಿಕ್ಷಕರು, ಗಾಂಧಿ ಸ್ಮಾರಕ ನಿಧಿಯ ಸದಸ್ಯರು ಮತ್ತು ವಿದ್ಯಾರ್ಥಿಗಳು ಭಾಗವಹಿಸಿದ್ದರು.

ರಾಜ್ಯದ ಎಲ್ಲಾ ಶಾಲೆಗಳಲ್ಲಿ ವಿದ್ಯಾರ್ಥಿಗಳಿಗೆ ಚರಕದ ಮಹತ್ವ ತಿಳಿಸಲು ಶಿಕ್ಷಣ ಇಲಾಖೆ ಚರಕ ಒದಗಿಸುವ ವ್ಯವಸ್ಥೆ ಮಾಡಬೇಕು ಎಂದು ಗಾಂಧಿವಾದಿಗಳು ಒತ್ತಾಯಿಸಿದರು. ಸ್ವದೇಶಿ ಚಳವಳಿಯ ಸಂಕೇತವಾದ ಚರಕ ಮಕ್ಕಳಲ್ಲಿ ಸ್ವಾವಲಂಬನೆಯ ಮನೋಭಾವ ಬೆಳೆಸುತ್ತದೆ.

ಸಣ್ಣ ಮಕ್ಕಳಿಗೂ ಸಹ ಗಾಂಧೀಜಿ ಅವರ ತತ್ವಾದರ್ಶಗಳನ್ನು ಮನವರಿಕೆ ಮಾಡಿಕೊಡಬೇಕು. ಕಾರ್ಯಕ್ರಮದಲ್ಲಿ ಶಿಕ್ಷಕರು, ಗಾಂಧಿ ಸ್ಮಾರಕ ನಿಧಿಯ ಸದಸ್ಯರು ಮತ್ತು ವಿದ್ಯಾರ್ಥಿಗಳು ಭಾಗವಹಿಸಿದ್ದರು.

ರಾಜ್ಯದ ಎಲ್ಲಾ ಶಾಲೆಗಳಲ್ಲಿ ವಿದ್ಯಾರ್ಥಿಗಳಿಗೆ ಚರಕದ ಮಹತ್ವ ತಿಳಿಸಲು ಶಿಕ್ಷಣ ಇಲಾಖೆ ಚರಕ ಒದಗಿಸುವ ವ್ಯವಸ್ಥೆ ಮಾಡಬೇಕು ಎಂದು ಗಾಂಧಿವಾದಿಗಳು ಒತ್ತಾಯಿಸಿದರು. ಸ್ವದೇಶಿ ಚಳವಳಿಯ ಸಂಕೇತವಾದ ಚರಕ ಮಕ್ಕಳಲ್ಲಿ ಸ್ವಾವಲಂಬನೆಯ ಮನೋಭಾವ ಬೆಳೆಸುತ್ತದೆ.

ಮಕ್ಕಳು ನೂಲುವ ಕಲೆ ಕಲಿತರೆ ಏಕಾಗ್ರತೆ ಹೆಚ್ಚುತ್ತದೆ. ಗಾಂಧೀಜಿಯ ತತ್ವಗಳನ್ನು ಪಠ್ಯದ ಜೊತೆಗೆ ಪ್ರಾಯೋಗಿಕವಾಗಿ ತಿಳಿಸಬೇಕು ಎಂದು ಅಭಿಪ್ರಾಯಪಟ್ಟರು.

ಚಾಮುಂಡೇಶ್ವರಿ ಜಯಂತಿ ವೈಭವ

ಕೋಲಾರ: ತಾಲ್ಲೂಕಿನ ನರಸಾಪುರ ಹೋಬಳಿ ಲಕ್ಷ್ಮೀಸಾಗರ ಗ್ರಾಮದಲ್ಲಿ ನೆಲೆಸಿರುವ ಶ್ರೀ ಚಾಮುಂಡೇಶ್ವರಿ ಅಮ್ಮನವರ ಜಯಂತೋತ್ಸವ ಹಾಗೂ ಜು.17 ರಂದು ವಾರ್ಷಿಕೋತ್ಸವ ವೈಭವದಿಂದ ನಡೆಯಲಿದೆ. ದೇವಾಲಯ ಸಮಿತಿಯ ಪದಾಧಿಕಾರಿಗಳು ಆಹ್ವಾನ ಪತ್ರಿಕೆ ಬಿಡುಗಡೆ ಮಾಡಿದರು.

ಬೆಳಿಗ್ಗೆ ಗಣಪತಿ ಪೂಜೆ, ಪಂಚಾಮೃತ ಅಭಿಷೇಕ, ವಿಶೇಷ ಅಲಂಕಾರ, ಹೋಮ ಹವನಗಳು ಹಾಗೂ ಮಧ್ಯಾಹ್ನ ಅನ್ನದಾನ ನಡೆಯಲಿದೆ. ಸುತ್ತಮುತ್ತಲ ಗ್ರಾಮಗಳ ಭಕ್ತರು ಪಾಲ್ಗೊಳ್ಳಬೇಕು ಎಂದು ಕೋರಲಾಗಿದೆ.

ತಾಲ್ಲೂಕಿನ ನರಸಾಪುರ ಹೋಬಳಿ ಲಕ್ಷ್ಮೀಸಾಗರ ಗ್ರಾಮದಲ್ಲಿ ನೆಲೆಸಿರುವ ಶ್ರೀ ಚಾಮುಂಡೇಶ್ವರಿ ಅಮ್ಮನವರ ಜಯಂತೋತ್ಸವ ಹಾಗೂ ಜು.17 ರಂದು ವಾರ್ಷಿಕೋತ್ಸವ ವೈಭವದಿಂದ ನಡೆಯಲಿದೆ. ದೇವಾಲಯ ಸಮಿತಿಯ ಪದಾಧಿಕಾರಿಗಳು ಆಹ್ವಾನ ಪತ್ರಿಕೆ ಬಿಡುಗಡೆ ಮಾಡಿದರು.

ಏರ್ಪಡಿಸಲಾಗಿದೆ. ಜು.17 ರಂದು ಮಧ್ಯಾಹ್ನ 12 ಗಂಟೆಗೆ ಕೋಲಾರದ ಡಾ.ಶಿವಾನಂದರಿಂದ ಧಾರ್ಮಿಕ ಪ್ರವಚನ, ಸಂಜೆ ಸಾಂಸ್ಕೃತಿಕ ಕಾರ್ಯಕ್ರಮಗಳು ನಡೆಯಲಿವೆ. ದೇವಾಲಯದ ಧರ್ಮದರ್ಶಿ ಎಸ್.ಎಂ.ರಾಜಣ್ಣ, ಅರ್ಚಕರು ಹಾಗೂ ಗ್ರಾಮಸ್ಥರು ಹಾಜರಿದ್ದರು.

ಬೆಳಿಗ್ಗೆ ಗಣಪತಿ ಪೂಜೆ, ಪಂಚಾಮೃತ ಅಭಿಷೇಕ, ವಿಶೇಷ ಅಲಂಕಾರ, ಹೋಮ ಹವನಗಳು ಹಾಗೂ ಮಧ್ಯಾಹ್ನ ಅನ್ನದಾನ ನಡೆಯಲಿದೆ. ಸುತ್ತಮುತ್ತಲ ಗ್ರಾಮಗಳ ಭಕ್ತರು ಪಾಲ್ಗೊಳ್ಳಬೇಕು ಎಂದು ಕೋರಲಾಗಿದೆ.
